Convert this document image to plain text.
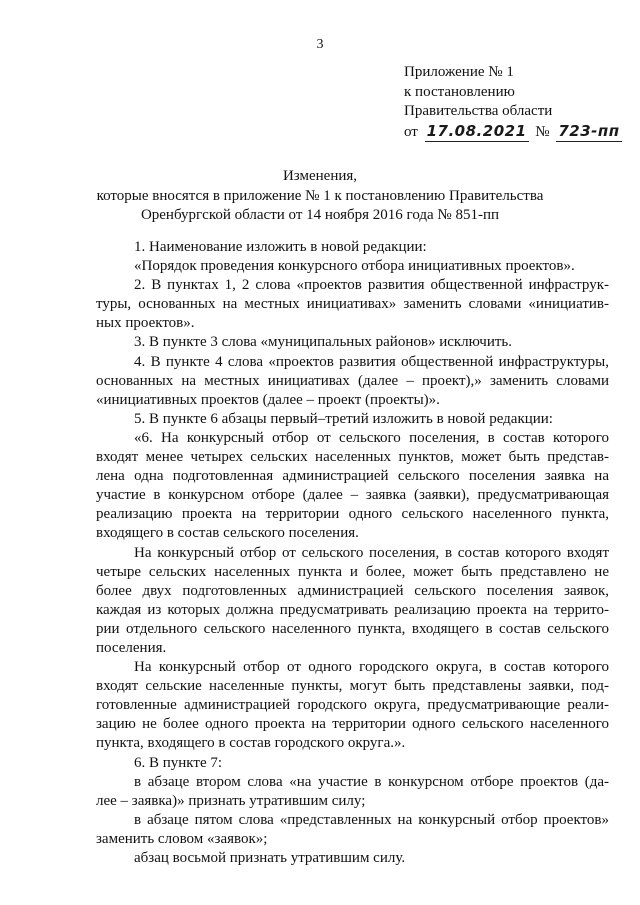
3
Приложение № 1
к постановлению
Правительства области
от 17.08.2021 № 723-пп
Изменения,
которые вносятся в приложение № 1 к постановлению Правительства
Оренбургской области от 14 ноября 2016 года № 851-пп
1. Наименование изложить в новой редакции:
«Порядок проведения конкурсного отбора инициативных проектов».
2. В пунктах 1, 2 слова «проектов развития общественной инфраструк-
туры, основанных на местных инициативах» заменить словами «инициатив-
ных проектов».
3. В пункте 3 слова «муниципальных районов» исключить.
4. В пункте 4 слова «проектов развития общественной инфраструктуры,
основанных на местных инициативах (далее – проект),» заменить словами
«инициативных проектов (далее – проект (проекты)».
5. В пункте 6 абзацы первый–третий изложить в новой редакции:
«6. На конкурсный отбор от сельского поселения, в состав которого
входят менее четырех сельских населенных пунктов, может быть представ-
лена одна подготовленная администрацией сельского поселения заявка на
участие в конкурсном отборе (далее – заявка (заявки), предусматривающая
реализацию проекта на территории одного сельского населенного пункта,
входящего в состав сельского поселения.
На конкурсный отбор от сельского поселения, в состав которого входят
четыре сельских населенных пункта и более, может быть представлено не
более двух подготовленных администрацией сельского поселения заявок,
каждая из которых должна предусматривать реализацию проекта на террито-
рии отдельного сельского населенного пункта, входящего в состав сельского
поселения.
На конкурсный отбор от одного городского округа, в состав которого
входят сельские населенные пункты, могут быть представлены заявки, под-
готовленные администрацией городского округа, предусматривающие реали-
зацию не более одного проекта на территории одного сельского населенного
пункта, входящего в состав городского округа.».
6. В пункте 7:
в абзаце втором слова «на участие в конкурсном отборе проектов (да-
лее – заявка)» признать утратившим силу;
в абзаце пятом слова «представленных на конкурсный отбор проектов»
заменить словом «заявок»;
абзац восьмой признать утратившим силу.
